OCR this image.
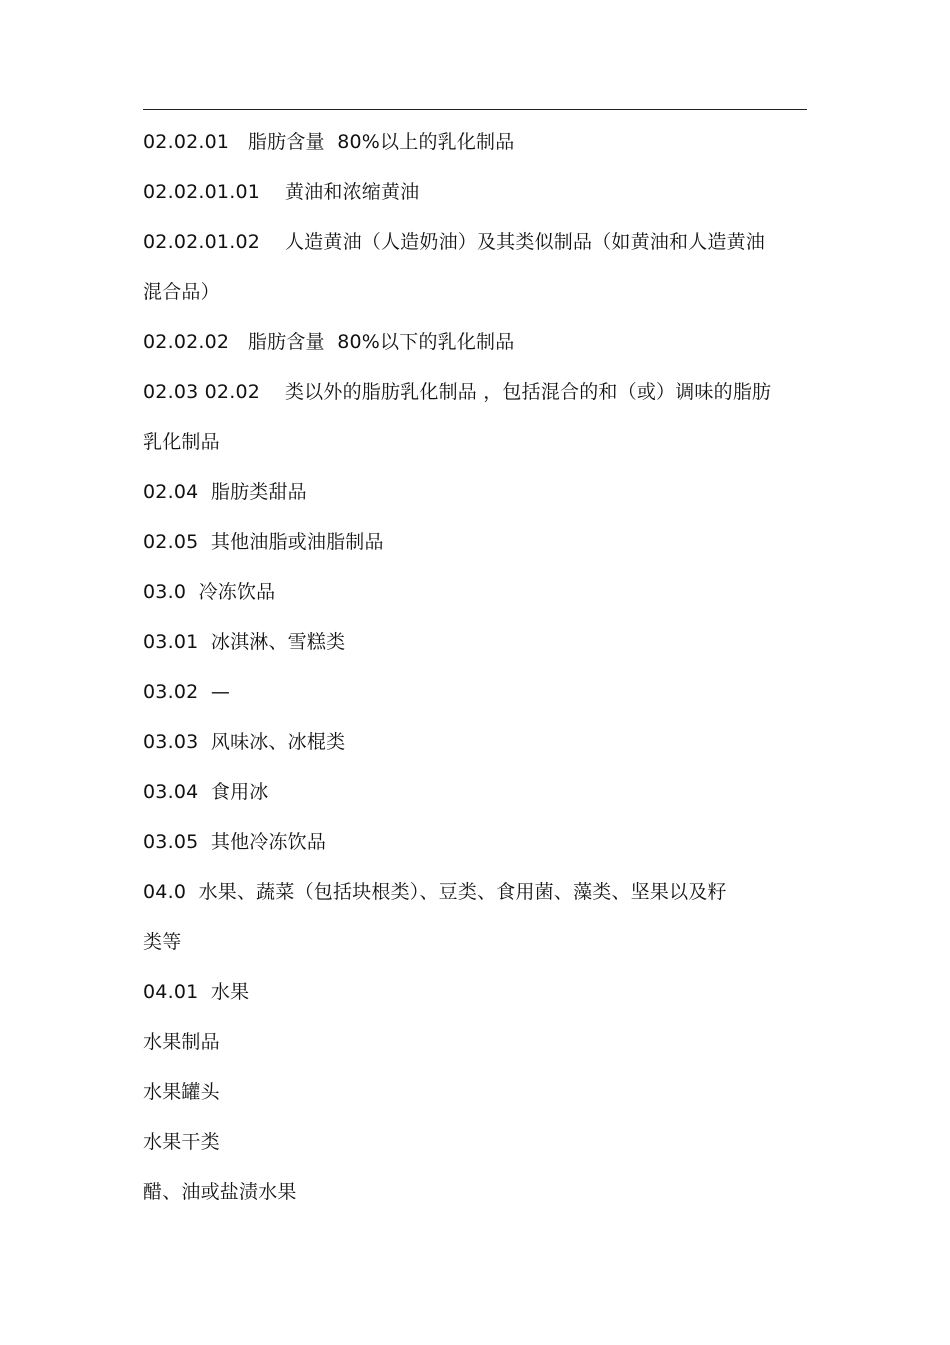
02.02.01   脂肪含量  80%以上的乳化制品
02.02.01.01    黄油和浓缩黄油
02.02.01.02    人造黄油（人造奶油）及其类似制品（如黄油和人造黄油
混合品）
02.02.02   脂肪含量  80%以下的乳化制品
02.03 02.02    类以外的脂肪乳化制品 ，包括混合的和（或）调味的脂肪
乳化制品
02.04  脂肪类甜品
02.05  其他油脂或油脂制品
03.0  冷冻饮品
03.01  冰淇淋、雪糕类
03.02  —
03.03  风味冰、冰棍类
03.04  食用冰
03.05  其他冷冻饮品
04.0  水果、蔬菜（包括块根类）、豆类、食用菌、藻类、坚果以及籽
类等
04.01  水果
水果制品
水果罐头
水果干类
醋、油或盐渍水果
